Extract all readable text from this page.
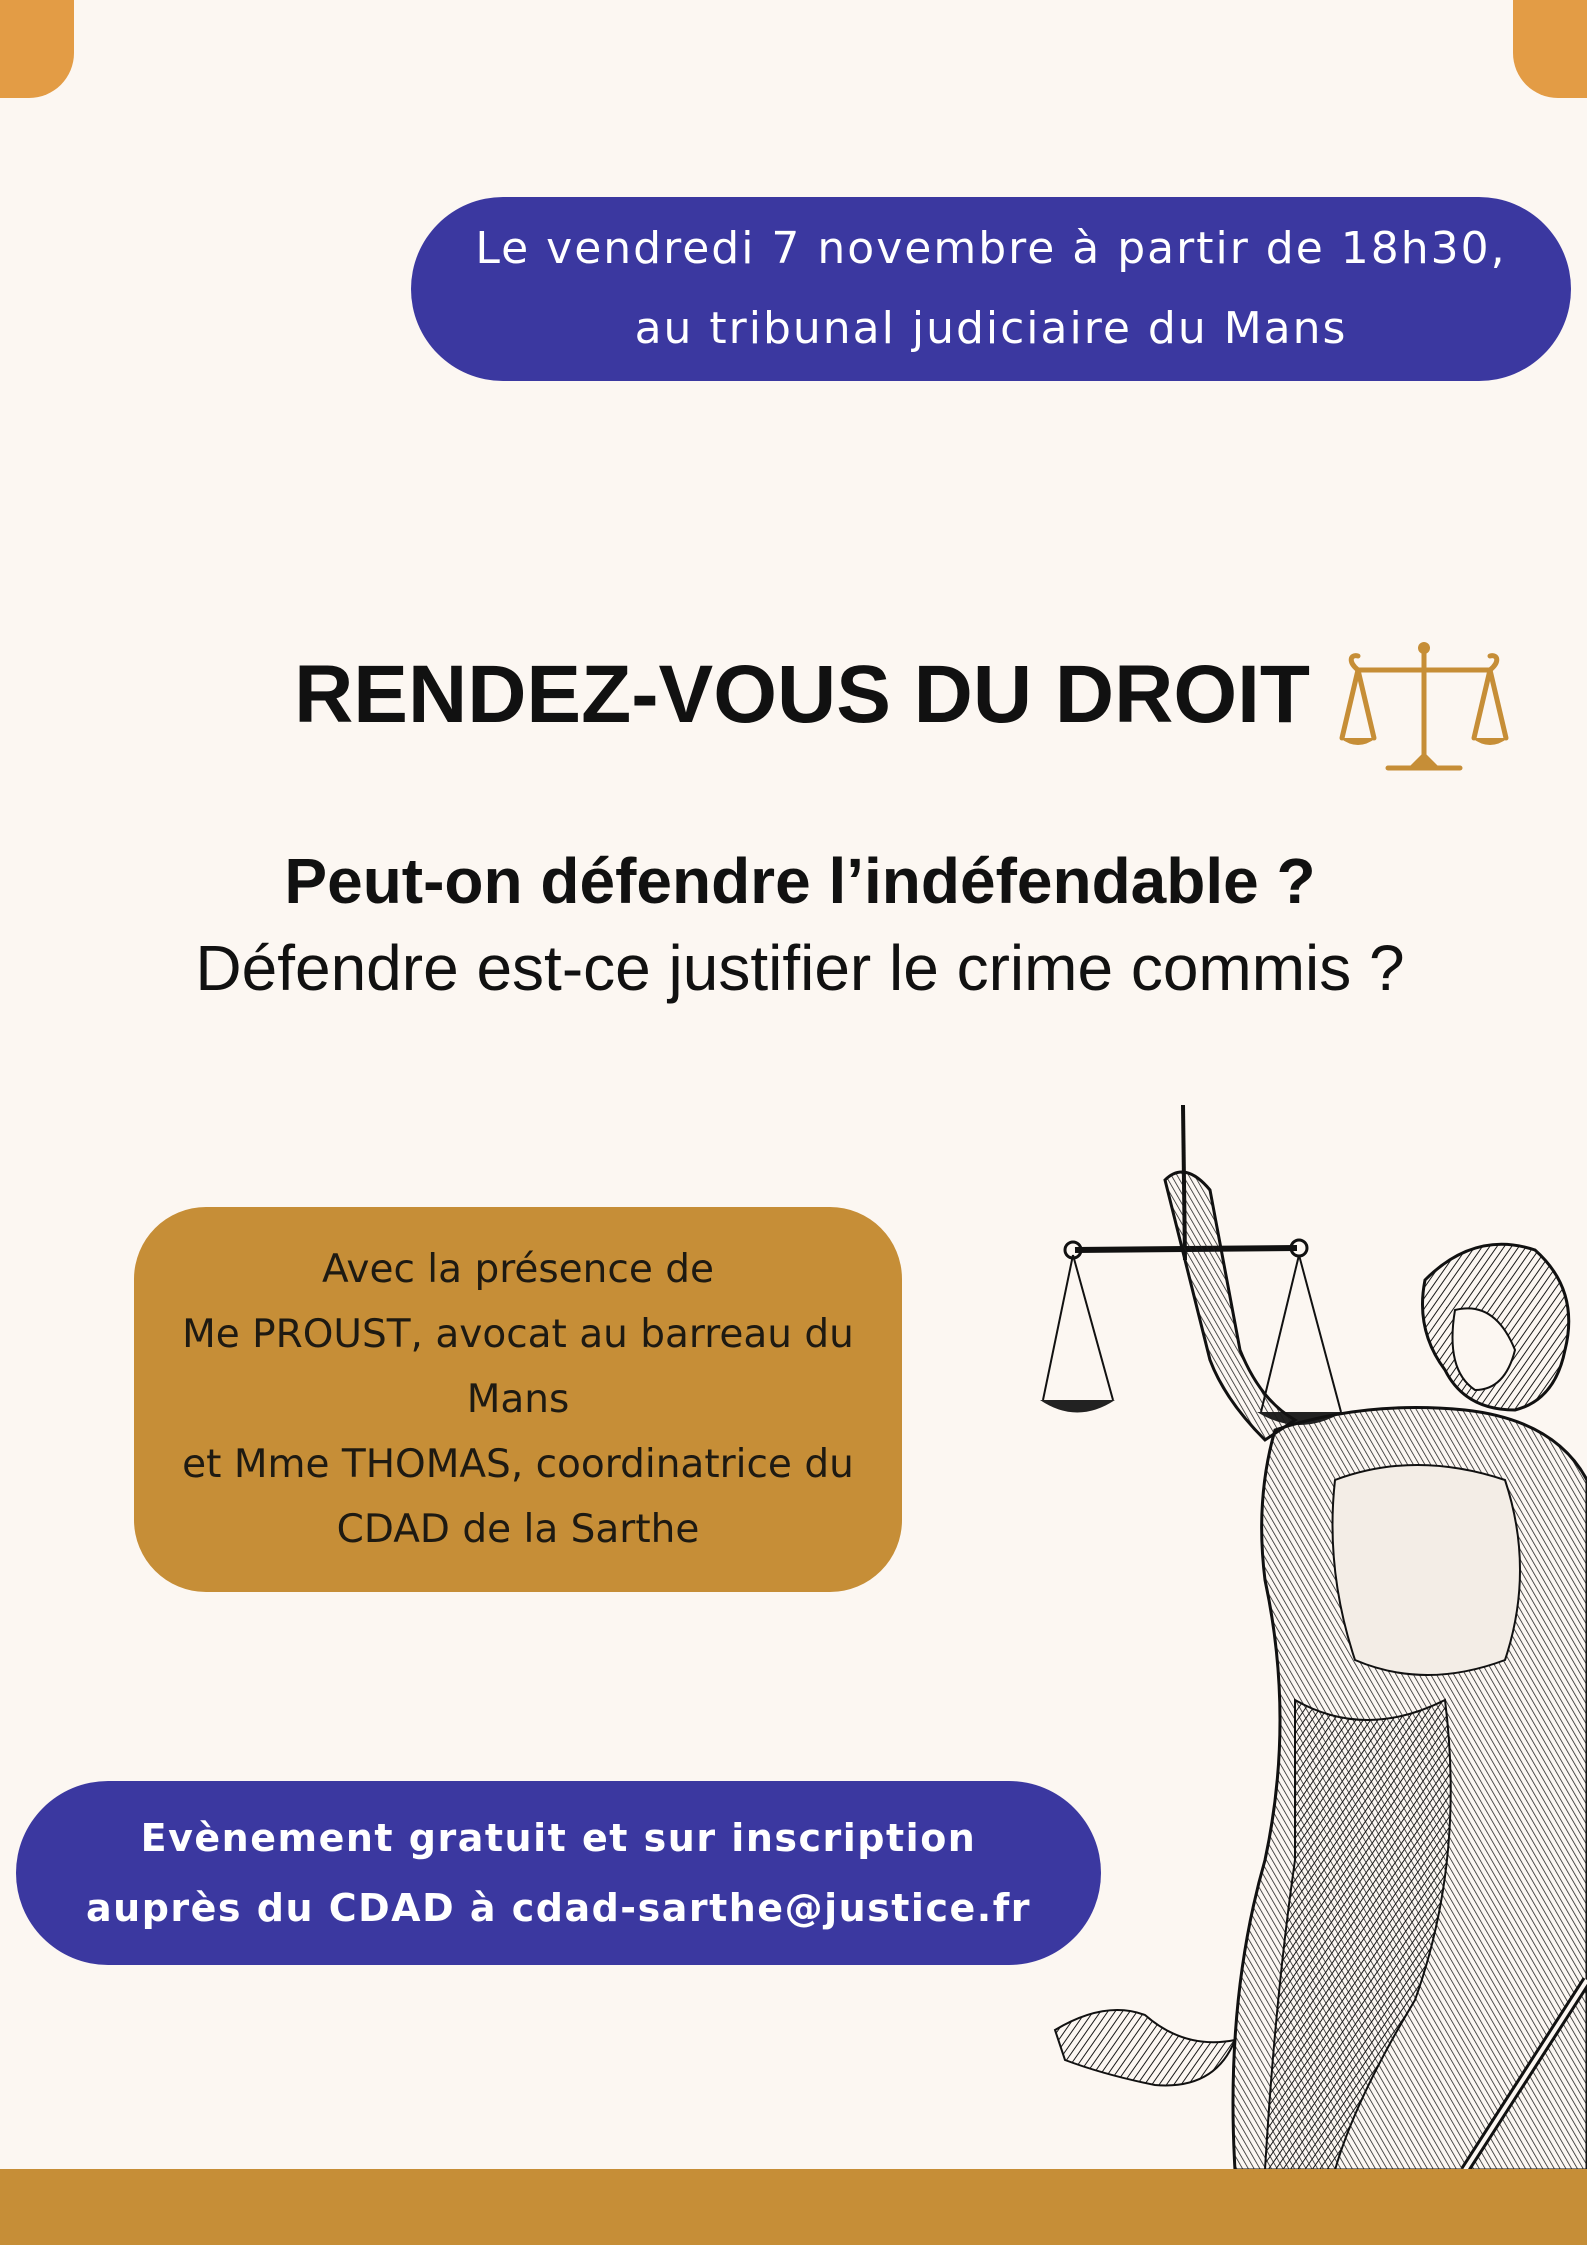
Le vendredi 7 novembre à partir de 18h30,
au tribunal judiciaire du Mans
RENDEZ-VOUS DU DROIT

Peut-on défendre l’indéfendable ?

Défendre est-ce justifier le crime commis ?

Avec la présence de
Me PROUST, avocat au barreau du
Mans
et Mme THOMAS, coordinatrice du
CDAD de la Sarthe
Evènement gratuit et sur inscription
auprès du CDAD à cdad-sarthe@justice.fr
